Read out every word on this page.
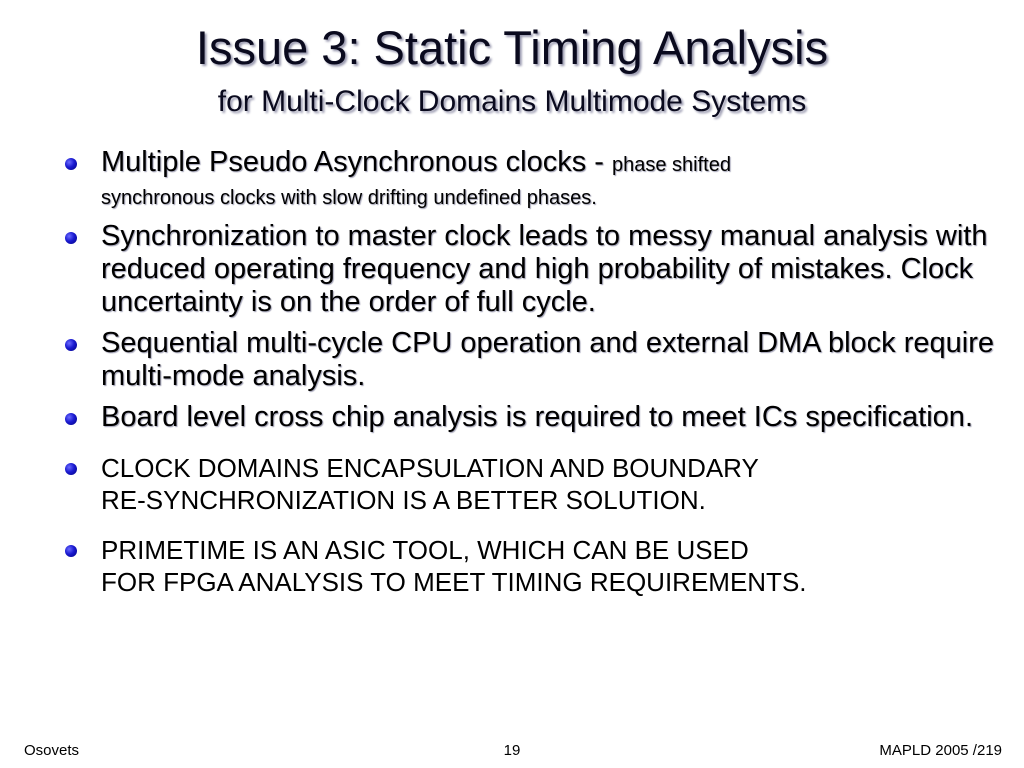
Issue 3: Static Timing Analysis
for Multi-Clock Domains Multimode Systems
Multiple Pseudo Asynchronous clocks - phase shifted
synchronous clocks with slow drifting undefined phases.
Synchronization to master clock leads to messy manual analysis with reduced operating frequency and high probability of mistakes. Clock uncertainty is on the order of full cycle.
Sequential multi-cycle CPU operation and external DMA block require multi-mode analysis.
Board level cross chip analysis is required to meet ICs specification.
CLOCK DOMAINS ENCAPSULATION AND BOUNDARY
RE-SYNCHRONIZATION IS A BETTER SOLUTION.
PRIMETIME IS AN ASIC TOOL, WHICH CAN BE USED
FOR FPGA ANALYSIS TO MEET TIMING REQUIREMENTS.
Osovets	19	MAPLD 2005 /219
